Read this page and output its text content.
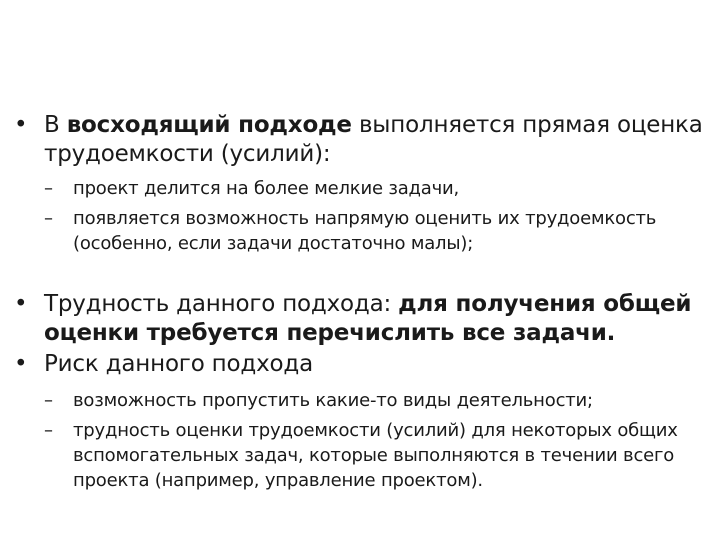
• В восходящий подходе выполняется прямая оценка трудоемкости (усилий):
– проект делится на более мелкие задачи,
– появляется возможность напрямую оценить их трудоемкость (особенно, если задачи достаточно малы);
• Трудность данного подхода: для получения общей оценки требуется перечислить все задачи.
• Риск данного подхода
– возможность пропустить какие-то виды деятельности;
– трудность оценки трудоемкости (усилий) для некоторых общих вспомогательных задач, которые выполняются в течении всего проекта (например, управление проектом).
